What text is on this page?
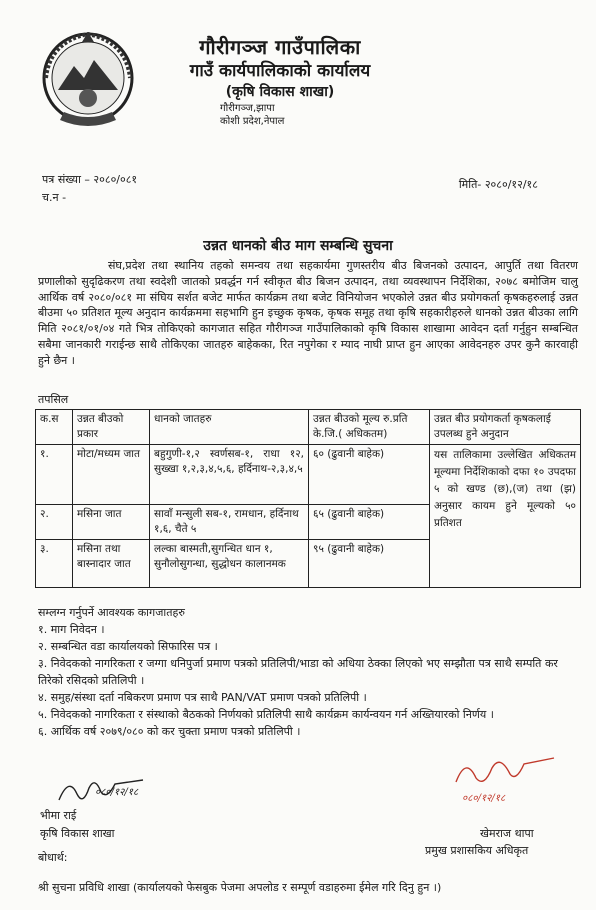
गौरीगञ्ज गाउँपालिका
गाउँ कार्यपालिकाको कार्यालय
(कृषि विकास शाखा)
गौरीगञ्ज,झापा
कोशी प्रदेश,नेपाल
पत्र संख्या – २०८०/०८१
च.न -
मिति- २०८०/१२/१८
उन्नत धानको बीउ माग सम्बन्धि सुचना
संघ,प्रदेश तथा स्थानिय तहको समन्वय तथा सहकार्यमा गुणस्तरीय बीउ बिजनको उत्पादन, आपुर्ति तथा वितरण प्रणालीको सुदृढिकरण तथा स्वदेशी जातको प्रवर्द्धन गर्न स्वीकृत बीउ बिजन उत्पादन, तथा व्यवस्थापन निर्देशिका, २०७८ बमोजिम चालु आर्थिक वर्ष २०८०/०८१ मा संघिय सर्शत बजेट मार्फत कार्यक्रम तथा बजेट विनियोजन भएकोले उन्नत बीउ प्रयोगकर्ता कृषकहरुलाई उन्नत बीउमा ५० प्रतिशत मूल्य अनुदान कार्यक्रममा सहभागि हुन इच्छुक कृषक, कृषक समूह तथा कृषि सहकारीहरुले धानको उन्नत बीउका लागि मिति २०८१/०१/०४ गते भित्र तोकिएको कागजात सहित गौरीगञ्ज गाउँपालिकाको कृषि विकास शाखामा आवेदन दर्ता गर्नुहुन सम्बन्धित सबैमा जानकारी गराईन्छ साथै तोकिएका जातहरु बाहेकका, रित नपुगेका र म्याद नाघी प्राप्त हुन आएका आवेदनहरु उपर कुनै कारवाही हुने छैन ।
तपसिल
क.स	उन्नत बीउको प्रकार	धानको जातहरु	उन्नत बीउको मूल्य रु.प्रति के.जि.( अधिकतम)	उन्नत बीउ प्रयोगकर्ता कृषकलाई उपलब्ध हुने अनुदान
१.	मोटा/मध्यम जात	बहुगुणी-१,२ स्वर्णसब-१, राधा १२, सुख्खा १,२,३,४,५,६, हर्दिनाथ-२,३,४,५	६० (ढुवानी बाहेक)	यस तालिकामा उल्लेखित अधिकतम मूल्यमा निर्देशिकाको दफा १० उपदफा ५ को खण्ड (छ),(ज) तथा (झ) अनुसार कायम हुने मूल्यको ५० प्रतिशत
२.	मसिना जात	सावाँ मन्सुली सब-१, रामधान, हर्दिनाथ १,६, चैते ५	६५ (ढुवानी बाहेक)	
३.	मसिना तथा बास्नादार जात	लल्का बास्मती,सुगन्धित धान १, सुनौलोसुगन्धा, सुद्धोधन कालानमक	९५ (ढुवानी बाहेक)	
सम्लग्न गर्नुपर्ने आवश्यक कागजातहरु
१. माग निवेदन ।
२. सम्बन्धित वडा कार्यालयको सिफारिस पत्र ।
३. निवेदकको नागरिकता र जग्गा धनिपुर्जा प्रमाण पत्रको प्रतिलिपी/भाडा को अधिया ठेक्का लिएको भए सम्झौता पत्र साथै सम्पति कर तिरेको रसिदको प्रतिलिपी ।
४. समुह/संस्था दर्ता नबिकरण प्रमाण पत्र साथै PAN/VAT प्रमाण पत्रको प्रतिलिपी ।
५. निवेदकको नागरिकता र संस्थाको बैठकको निर्णयको प्रतिलिपी साथै कार्यक्रम कार्यन्वयन गर्न अख्तियारको निर्णय ।
६. आर्थिक वर्ष २०७९/०८० को कर चुक्ता प्रमाण पत्रको प्रतिलिपी ।
०८०/१२/१८
भीमा राई
कृषि विकास शाखा
०८०/१२/१८
खेमराज थापा
प्रमुख प्रशासकिय अधिकृत
बोधार्थ:
श्री सुचना प्रविधि शाखा (कार्यालयको फेसबुक पेजमा अपलोड र सम्पूर्ण वडाहरुमा ईमेल गरि दिनु हुन ।)
